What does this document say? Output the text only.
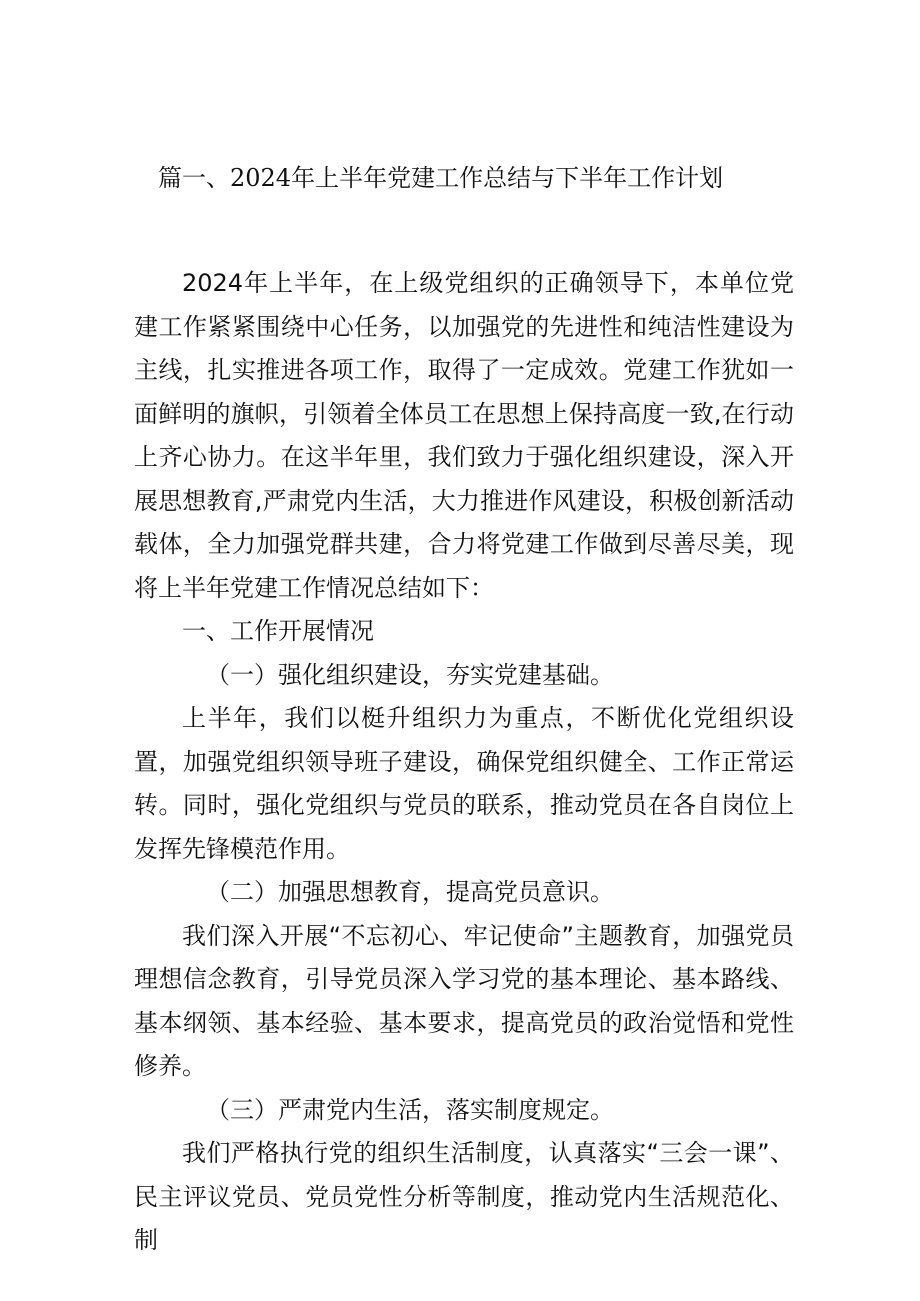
篇一、2024年上半年党建工作总结与下半年工作计划

2024年上半年，在上级党组织的正确领导下，本单位党建工作紧紧围绕中心任务，以加强党的先进性和纯洁性建设为主线，扎实推进各项工作，取得了一定成效。党建工作犹如一面鲜明的旗帜，引领着全体员工在思想上保持高度一致,在行动上齐心协力。在这半年里，我们致力于强化组织建设，深入开展思想教育,严肃党内生活，大力推进作风建设，积极创新活动载体，全力加强党群共建，合力将党建工作做到尽善尽美，现将上半年党建工作情况总结如下：

一、工作开展情况

（一）强化组织建设，夯实党建基础。

上半年，我们以梃升组织力为重点，不断优化党组织设置，加强党组织领导班子建设，确保党组织健全、工作正常运转。同时，强化党组织与党员的联系，推动党员在各自岗位上发挥先锋模范作用。

（二）加强思想教育，提高党员意识。

我们深入开展“不忘初心、牢记使命”主题教育，加强党员理想信念教育，引导党员深入学习党的基本理论、基本路线、基本纲领、基本经验、基本要求，提高党员的政治觉悟和党性修养。

（三）严肃党内生活，落实制度规定。

我们严格执行党的组织生活制度，认真落实“三会一课”、民主评议党员、党员党性分析等制度，推动党内生活规范化、制
